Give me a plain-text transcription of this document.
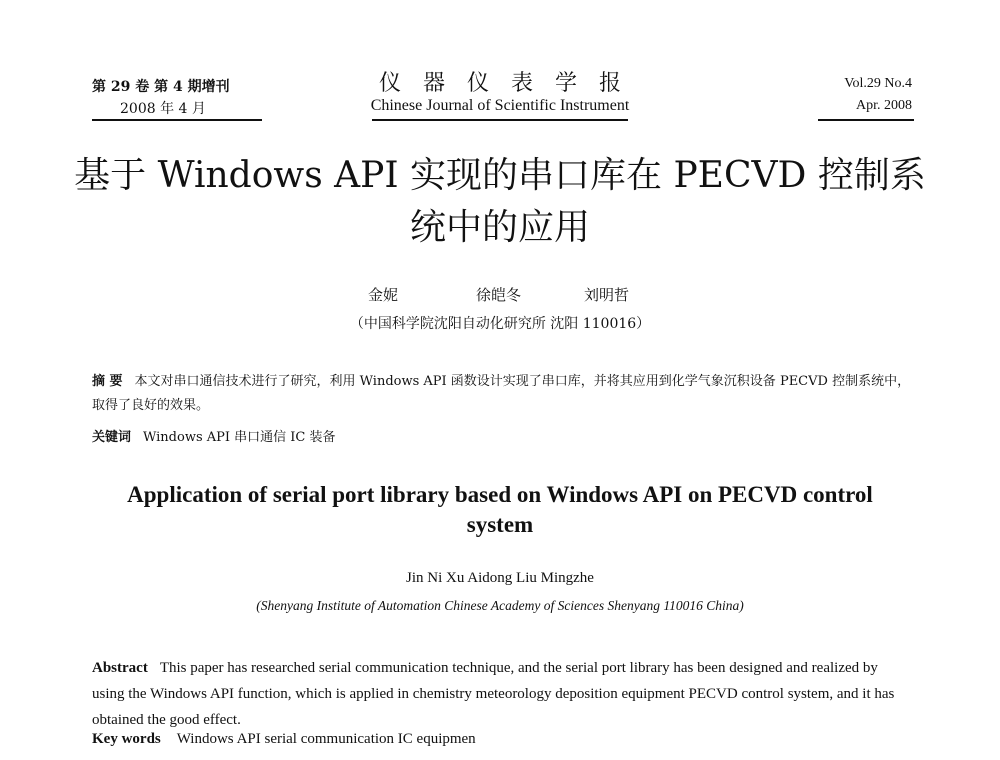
第 29 卷 第 4 期增刊
2008 年 4 月
仪器仪表学报
Chinese Journal of Scientific Instrument
Vol.29 No.4
Apr. 2008
基于 Windows API 实现的串口库在 PECVD 控制系
统中的应用
金妮	徐皑冬	刘明哲
（中国科学院沈阳自动化研究所 沈阳 110016）
摘 要 本文对串口通信技术进行了研究，利用 Windows API 函数设计实现了串口库，并将其应用到化学气象沉积设备 PECVD 控制系统中，取得了良好的效果。
关键词 Windows API 串口通信 IC 装备
Application of serial port library based on Windows API on PECVD control
system
Jin Ni Xu Aidong Liu Mingzhe
(Shenyang Institute of Automation Chinese Academy of Sciences Shenyang 110016 China)
Abstract This paper has researched serial communication technique, and the serial port library has been designed and realized by using the Windows API function, which is applied in chemistry meteorology deposition equipment PECVD control system, and it has obtained the good effect.
Key words Windows API serial communication IC equipmen
